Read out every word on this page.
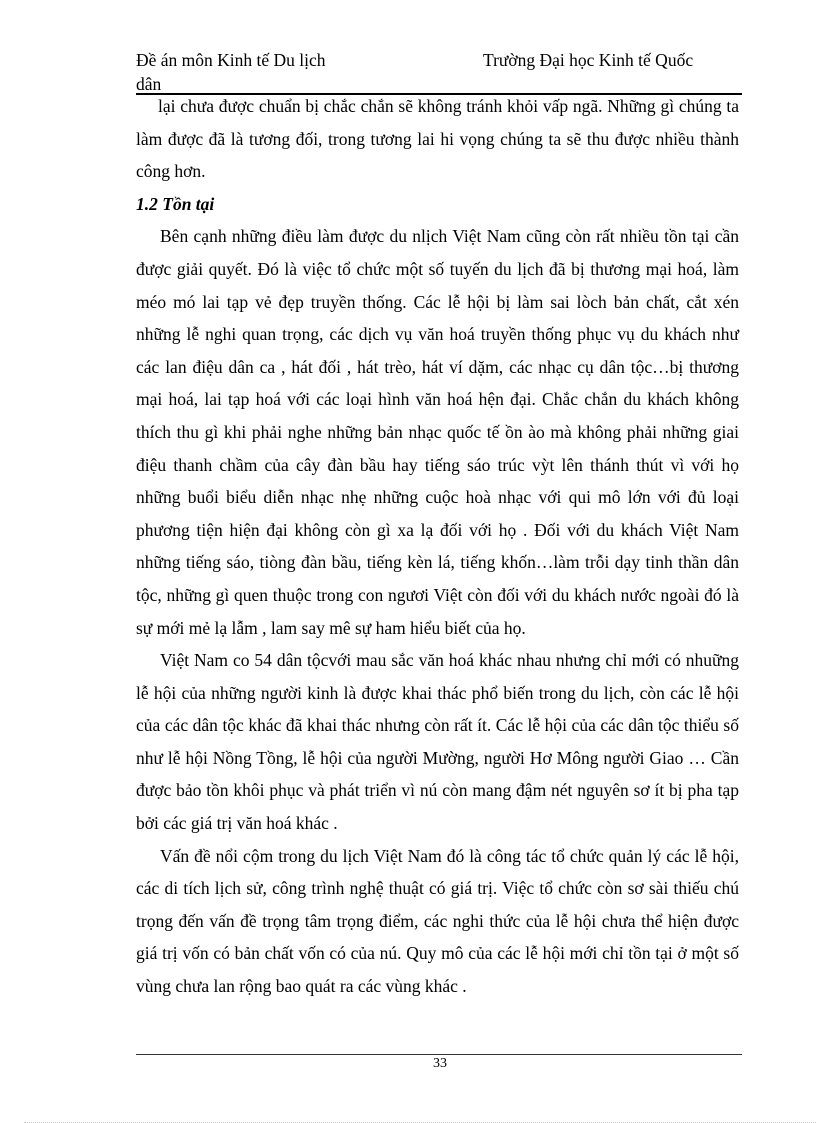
Đề án môn Kinh tế Du lịch
dân
Trường Đại học Kinh tế Quốc

lại chưa được chuẩn bị chắc chắn sẽ không tránh khỏi vấp ngã. Những gì chúng ta làm được đã là tương đối, trong tương lai hi vọng chúng ta sẽ thu được nhiều thành công hơn.

1.2 Tồn tại

Bên cạnh những điều làm được du nlịch Việt Nam cũng còn rất nhiều tồn tại cần được giải quyết. Đó là việc tổ chức một số tuyến du lịch đã bị thương mại hoá, làm méo mó lai tạp vẻ đẹp truyền thống. Các lễ hội bị làm sai lòch bản chất, cắt xén những lễ nghi quan trọng, các dịch vụ văn hoá truyền thống phục vụ du khách như các lan điệu dân ca , hát đối , hát trèo, hát ví dặm, các nhạc cụ dân tộc…bị thương mại hoá, lai tạp hoá với các loại hình văn hoá hện đại. Chắc chắn du khách không thích thu gì khi phải nghe những bản nhạc quốc tế ồn ào mà không phải những giai điệu thanh chầm của cây đàn bầu hay tiếng sáo trúc vỳt lên thánh thút vì với họ những buổi biểu diễn nhạc nhẹ những cuộc hoà nhạc với qui mô lớn với đủ loại phương tiện hiện đại không còn gì xa lạ đối với họ . Đối với du khách Việt Nam những tiếng sáo, tiòng đàn bầu, tiếng kèn lá, tiếng khốn…làm trỗi dạy tinh thần dân tộc, những gì quen thuộc trong con ngươi Việt còn đối với du khách nước ngoài đó là sự mới mẻ lạ lẫm , lam say mê sự ham hiểu biết của họ.

Việt Nam co 54 dân tộcvới mau sắc văn hoá khác nhau nhưng chỉ mới có nhuững lễ hội của những người kinh là được khai thác phổ biến trong du lịch, còn các lễ hội của các dân tộc khác đã khai thác nhưng còn rất ít. Các lễ hội của các dân tộc thiểu số như lễ hội Nồng Tồng, lễ hội của người Mường, người Hơ Mông người Giao … Cần được bảo tồn khôi phục và phát triển vì nú còn mang đậm nét nguyên sơ ít bị pha tạp bởi các giá trị văn hoá khác .

Vấn đề nổi cộm trong du lịch Việt Nam đó là công tác tổ chức quản lý các lễ hội, các di tích lịch sử, công trình nghệ thuật có giá trị. Việc tổ chức còn sơ sài thiếu chú trọng đến vấn đề trọng tâm trọng điểm, các nghi thức của lễ hội chưa thể hiện được giá trị vốn có bản chất vốn có của nú. Quy mô của các lễ hội mới chỉ tồn tại ở một số vùng chưa lan rộng bao quát ra các vùng khác .

33
